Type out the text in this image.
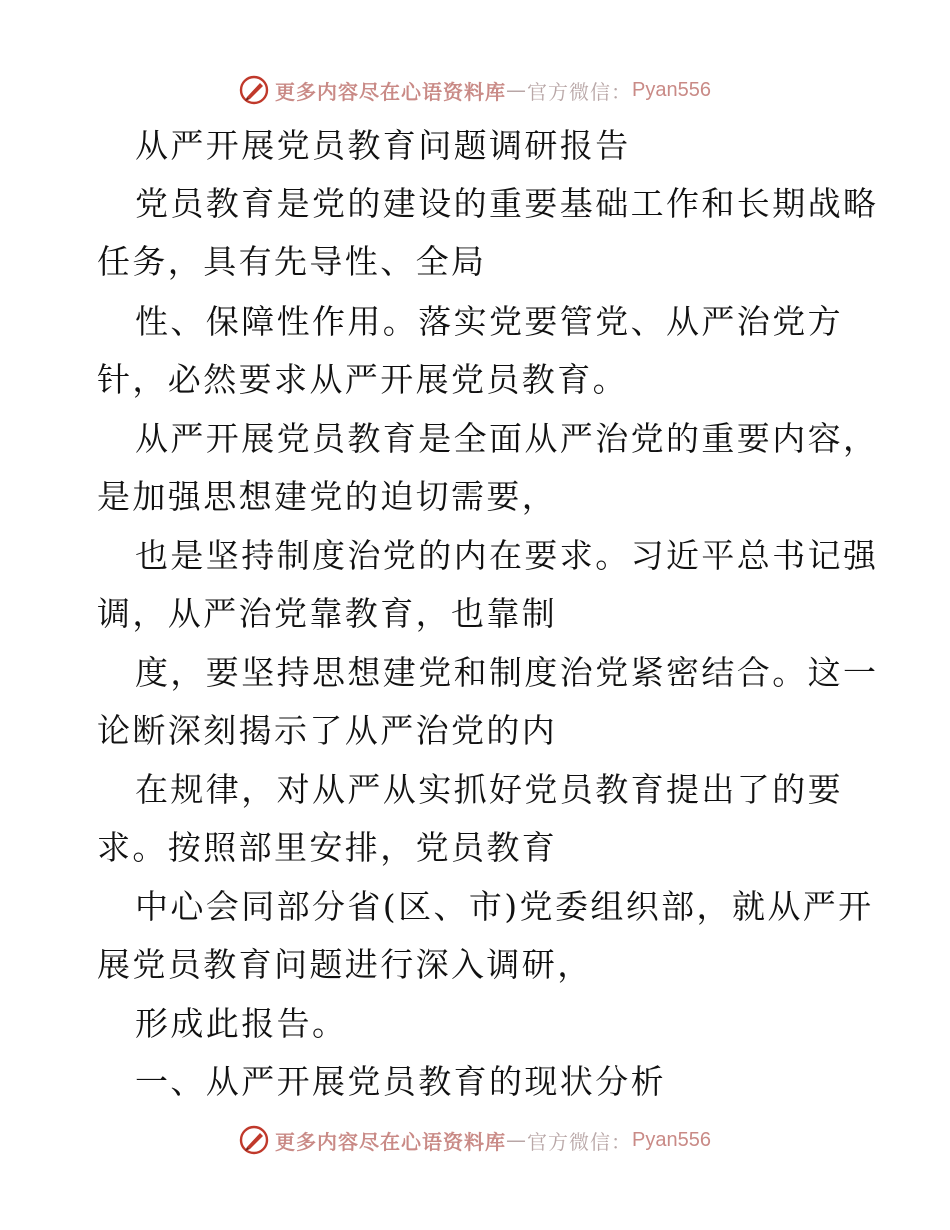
更多内容尽在心语资料库 — 官方微信： Pyan556
从严开展党员教育问题调研报告
党员教育是党的建设的重要基础工作和长期战略
任务，具有先导性、全局
性、保障性作用。落实党要管党、从严治党方
针，必然要求从严开展党员教育。
从严开展党员教育是全面从严治党的重要内容，
是加强思想建党的迫切需要，
也是坚持制度治党的内在要求。习近平总书记强
调，从严治党靠教育，也靠制
度，要坚持思想建党和制度治党紧密结合。这一
论断深刻揭示了从严治党的内
在规律，对从严从实抓好党员教育提出了的要
求。按照部里安排，党员教育
中心会同部分省(区、市)党委组织部，就从严开
展党员教育问题进行深入调研，
形成此报告。
一、从严开展党员教育的现状分析
更多内容尽在心语资料库 — 官方微信： Pyan556
